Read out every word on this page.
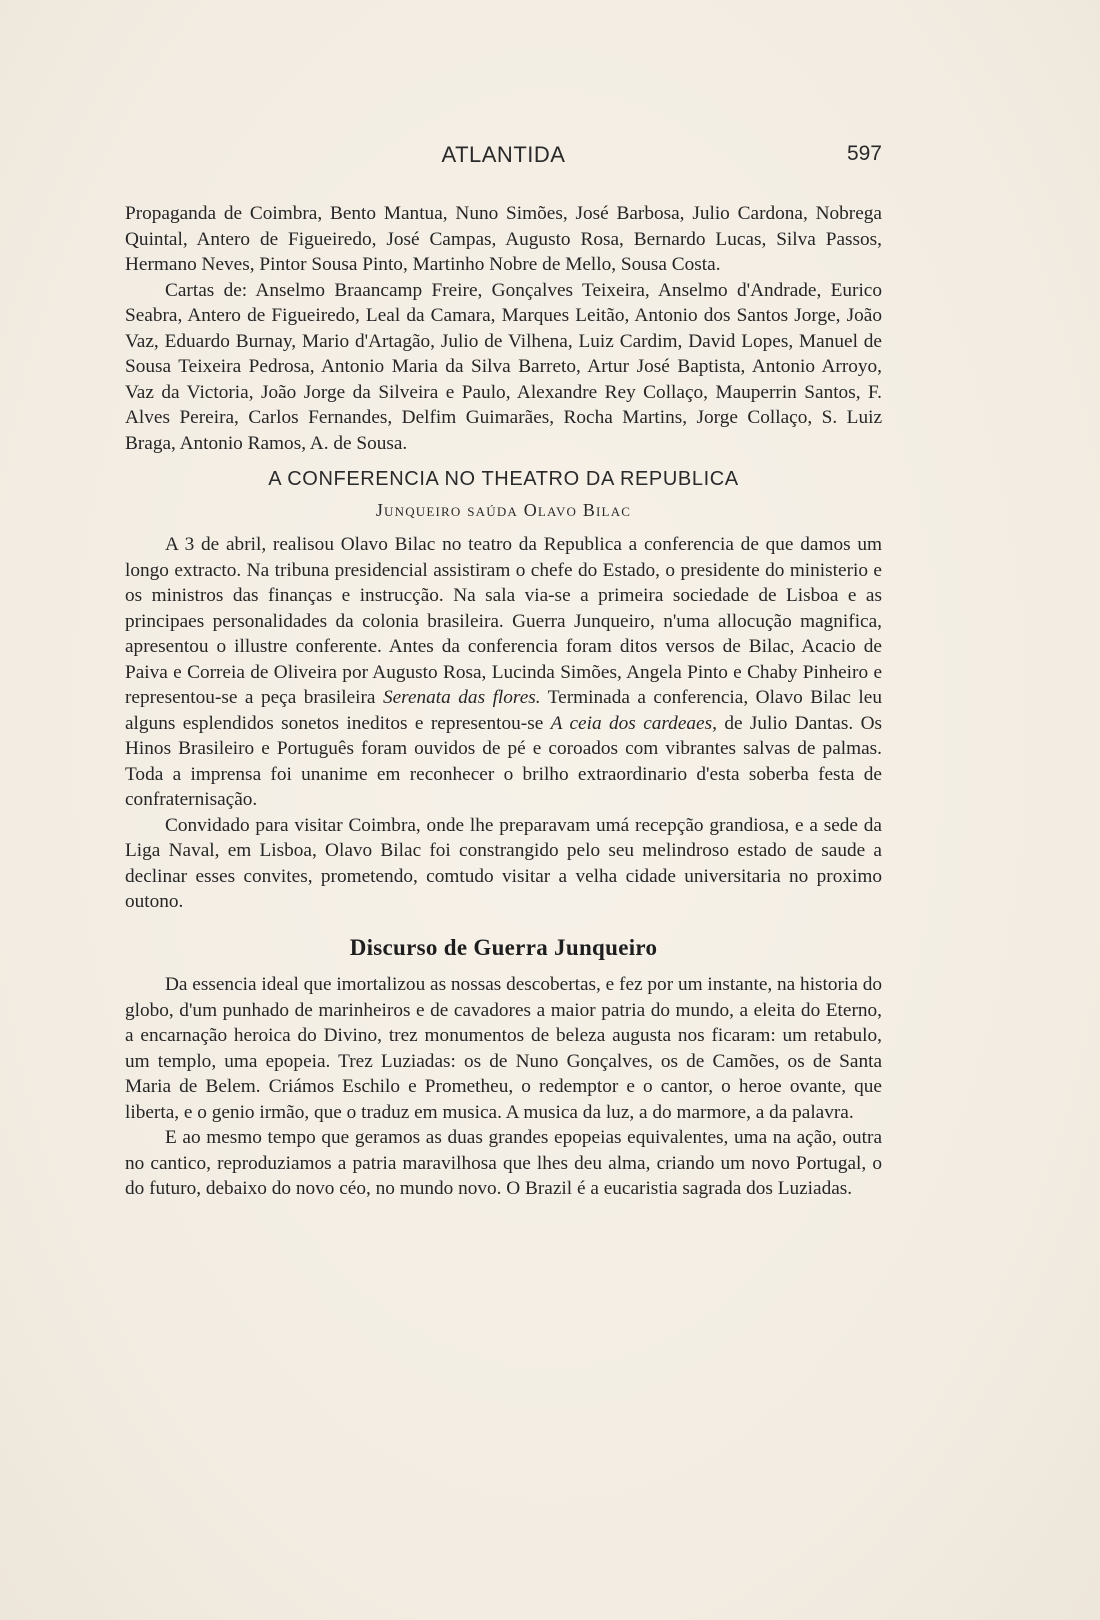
ATLANTIDA	597

Propaganda de Coimbra, Bento Mantua, Nuno Simões, José Barbosa, Julio Cardona, Nobrega Quintal, Antero de Figueiredo, José Campas, Augusto Rosa, Bernardo Lucas, Silva Passos, Hermano Neves, Pintor Sousa Pinto, Martinho Nobre de Mello, Sousa Costa.

Cartas de: Anselmo Braancamp Freire, Gonçalves Teixeira, Anselmo d'Andrade, Eurico Seabra, Antero de Figueiredo, Leal da Camara, Marques Leitão, Antonio dos Santos Jorge, João Vaz, Eduardo Burnay, Mario d'Artagão, Julio de Vilhena, Luiz Cardim, David Lopes, Manuel de Sousa Teixeira Pedrosa, Antonio Maria da Silva Barreto, Artur José Baptista, Antonio Arroyo, Vaz da Victoria, João Jorge da Silveira e Paulo, Alexandre Rey Collaço, Mauperrin Santos, F. Alves Pereira, Carlos Fernandes, Delfim Guimarães, Rocha Martins, Jorge Collaço, S. Luiz Braga, Antonio Ramos, A. de Sousa.

A CONFERENCIA NO THEATRO DA REPUBLICA
Junqueiro saúda Olavo Bilac

A 3 de abril, realisou Olavo Bilac no teatro da Republica a conferencia de que damos um longo extracto. Na tribuna presidencial assistiram o chefe do Estado, o presidente do ministerio e os ministros das finanças e instrucção. Na sala via-se a primeira sociedade de Lisboa e as principaes personalidades da colonia brasileira. Guerra Junqueiro, n'uma allocução magnifica, apresentou o illustre conferente. Antes da conferencia foram ditos versos de Bilac, Acacio de Paiva e Correia de Oliveira por Augusto Rosa, Lucinda Simões, Angela Pinto e Chaby Pinheiro e representou-se a peça brasileira Serenata das flores. Terminada a conferencia, Olavo Bilac leu alguns esplendidos sonetos ineditos e representou-se A ceia dos cardeaes, de Julio Dantas. Os Hinos Brasileiro e Português foram ouvidos de pé e coroados com vibrantes salvas de palmas. Toda a imprensa foi unanime em reconhecer o brilho extraordinario d'esta soberba festa de confraternisação.

Convidado para visitar Coimbra, onde lhe preparavam umá recepção grandiosa, e a sede da Liga Naval, em Lisboa, Olavo Bilac foi constrangido pelo seu melindroso estado de saude a declinar esses convites, prometendo, comtudo visitar a velha cidade universitaria no proximo outono.

Discurso de Guerra Junqueiro

Da essencia ideal que imortalizou as nossas descobertas, e fez por um instante, na historia do globo, d'um punhado de marinheiros e de cavadores a maior patria do mundo, a eleita do Eterno, a encarnação heroica do Divino, trez monumentos de beleza augusta nos ficaram: um retabulo, um templo, uma epopeia. Trez Luziadas: os de Nuno Gonçalves, os de Camões, os de Santa Maria de Belem. Criámos Eschilo e Prometheu, o redemptor e o cantor, o heroe ovante, que liberta, e o genio irmão, que o traduz em musica. A musica da luz, a do marmore, a da palavra.

E ao mesmo tempo que geramos as duas grandes epopeias equivalentes, uma na ação, outra no cantico, reproduziamos a patria maravilhosa que lhes deu alma, criando um novo Portugal, o do futuro, debaixo do novo céo, no mundo novo. O Brazil é a eucaristia sagrada dos Luziadas.
